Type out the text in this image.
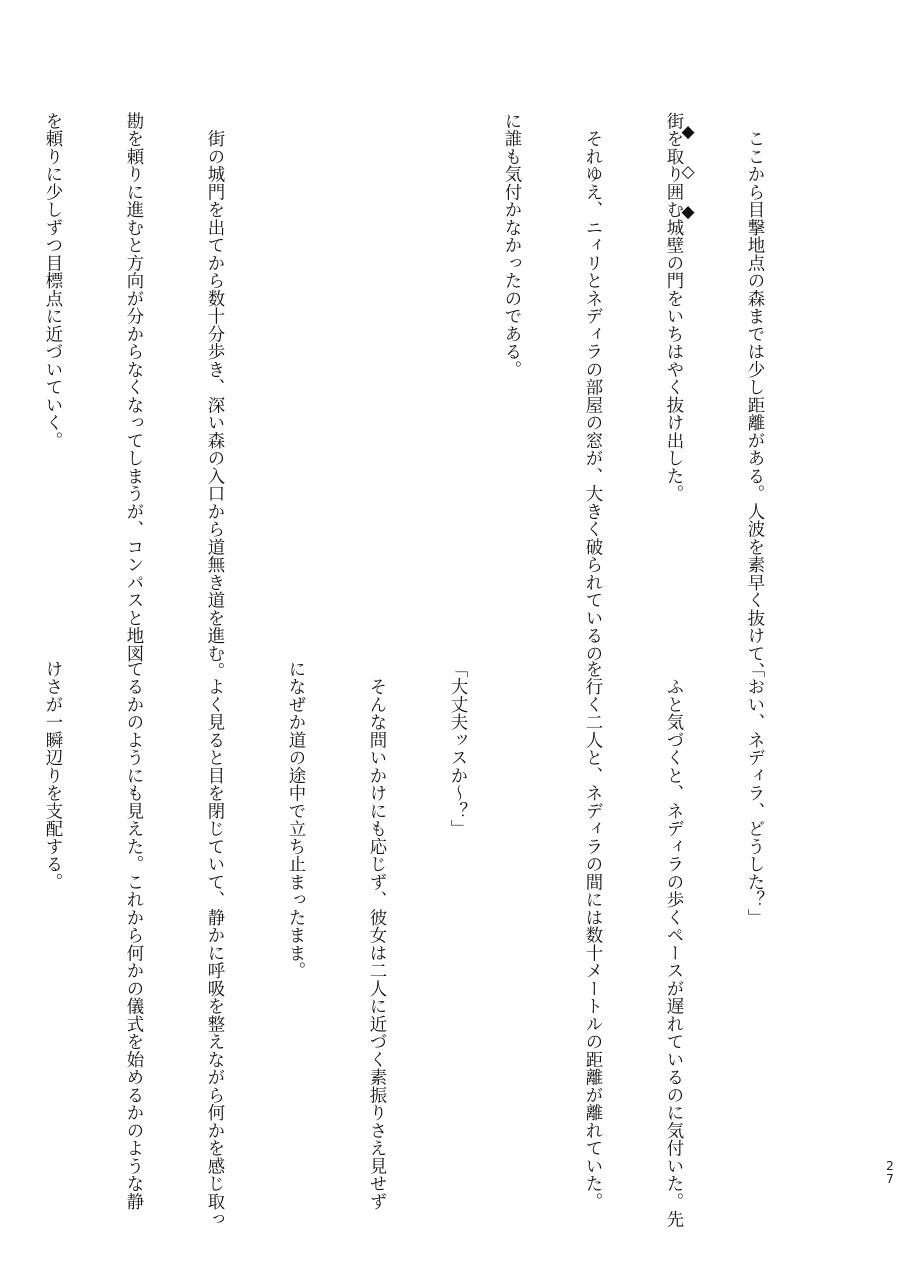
　ここから目撃地点の森までは少し距離がある。人波を素早く抜けて、

街を取り囲む城壁の門をいちはやく抜け出した。

　それゆえ、ニィリとネディラの部屋の窓が、大きく破られているの

に誰も気付かなかったのである。

　街の城門を出てから数十分歩き、深い森の入口から道無き道を進む。

勘を頼りに進むと方向が分からなくなってしまうが、コンパスと地図

を頼りに少しずつ目標点に近づいていく。

	◆◇◆

「おい、ネディラ、どうした？」

　ふと気づくと、ネディラの歩くペースが遅れているのに気付いた。先

を行く二人と、ネディラの間には数十メートルの距離が離れていた。

「大丈夫ッスか～？」

　そんな問いかけにも応じず、彼女は二人に近づく素振りさえ見せず

になぜか道の途中で立ち止まったまま。

　よく見ると目を閉じていて、静かに呼吸を整えながら何かを感じ取っ

てるかのようにも見えた。これから何かの儀式を始めるかのような静

けさが一瞬辺りを支配する。

27
